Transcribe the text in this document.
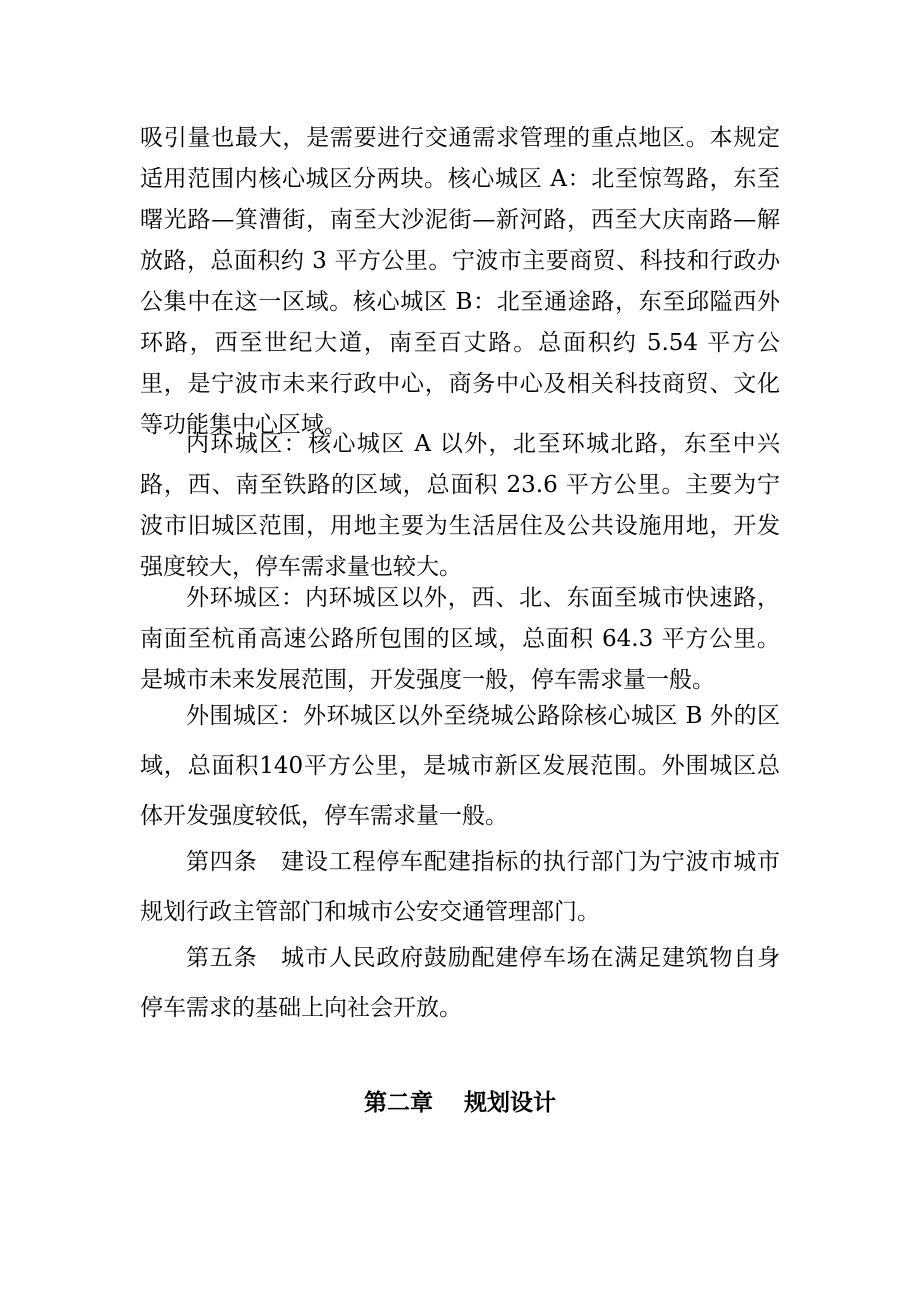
吸引量也最大，是需要进行交通需求管理的重点地区。本规定适用范围内核心城区分两块。核心城区 A：北至惊驾路，东至曙光路—箕漕街，南至大沙泥街—新河路，西至大庆南路—解放路，总面积约 3 平方公里。宁波市主要商贸、科技和行政办公集中在这一区域。核心城区 B：北至通途路，东至邱隘西外环路，西至世纪大道，南至百丈路。总面积约 5.54 平方公里，是宁波市未来行政中心，商务中心及相关科技商贸、文化等功能集中心区域。

内环城区：核心城区 A 以外，北至环城北路，东至中兴路，西、南至铁路的区域，总面积 23.6 平方公里。主要为宁波市旧城区范围，用地主要为生活居住及公共设施用地，开发强度较大，停车需求量也较大。

外环城区：内环城区以外，西、北、东面至城市快速路，南面至杭甬高速公路所包围的区域，总面积 64.3 平方公里。是城市未来发展范围，开发强度一般，停车需求量一般。

外围城区：外环城区以外至绕城公路除核心城区 B 外的区域，总面积140平方公里，是城市新区发展范围。外围城区总体开发强度较低，停车需求量一般。

第四条　建设工程停车配建指标的执行部门为宁波市城市规划行政主管部门和城市公安交通管理部门。

第五条　城市人民政府鼓励配建停车场在满足建筑物自身停车需求的基础上向社会开放。

第二章　 规划设计
